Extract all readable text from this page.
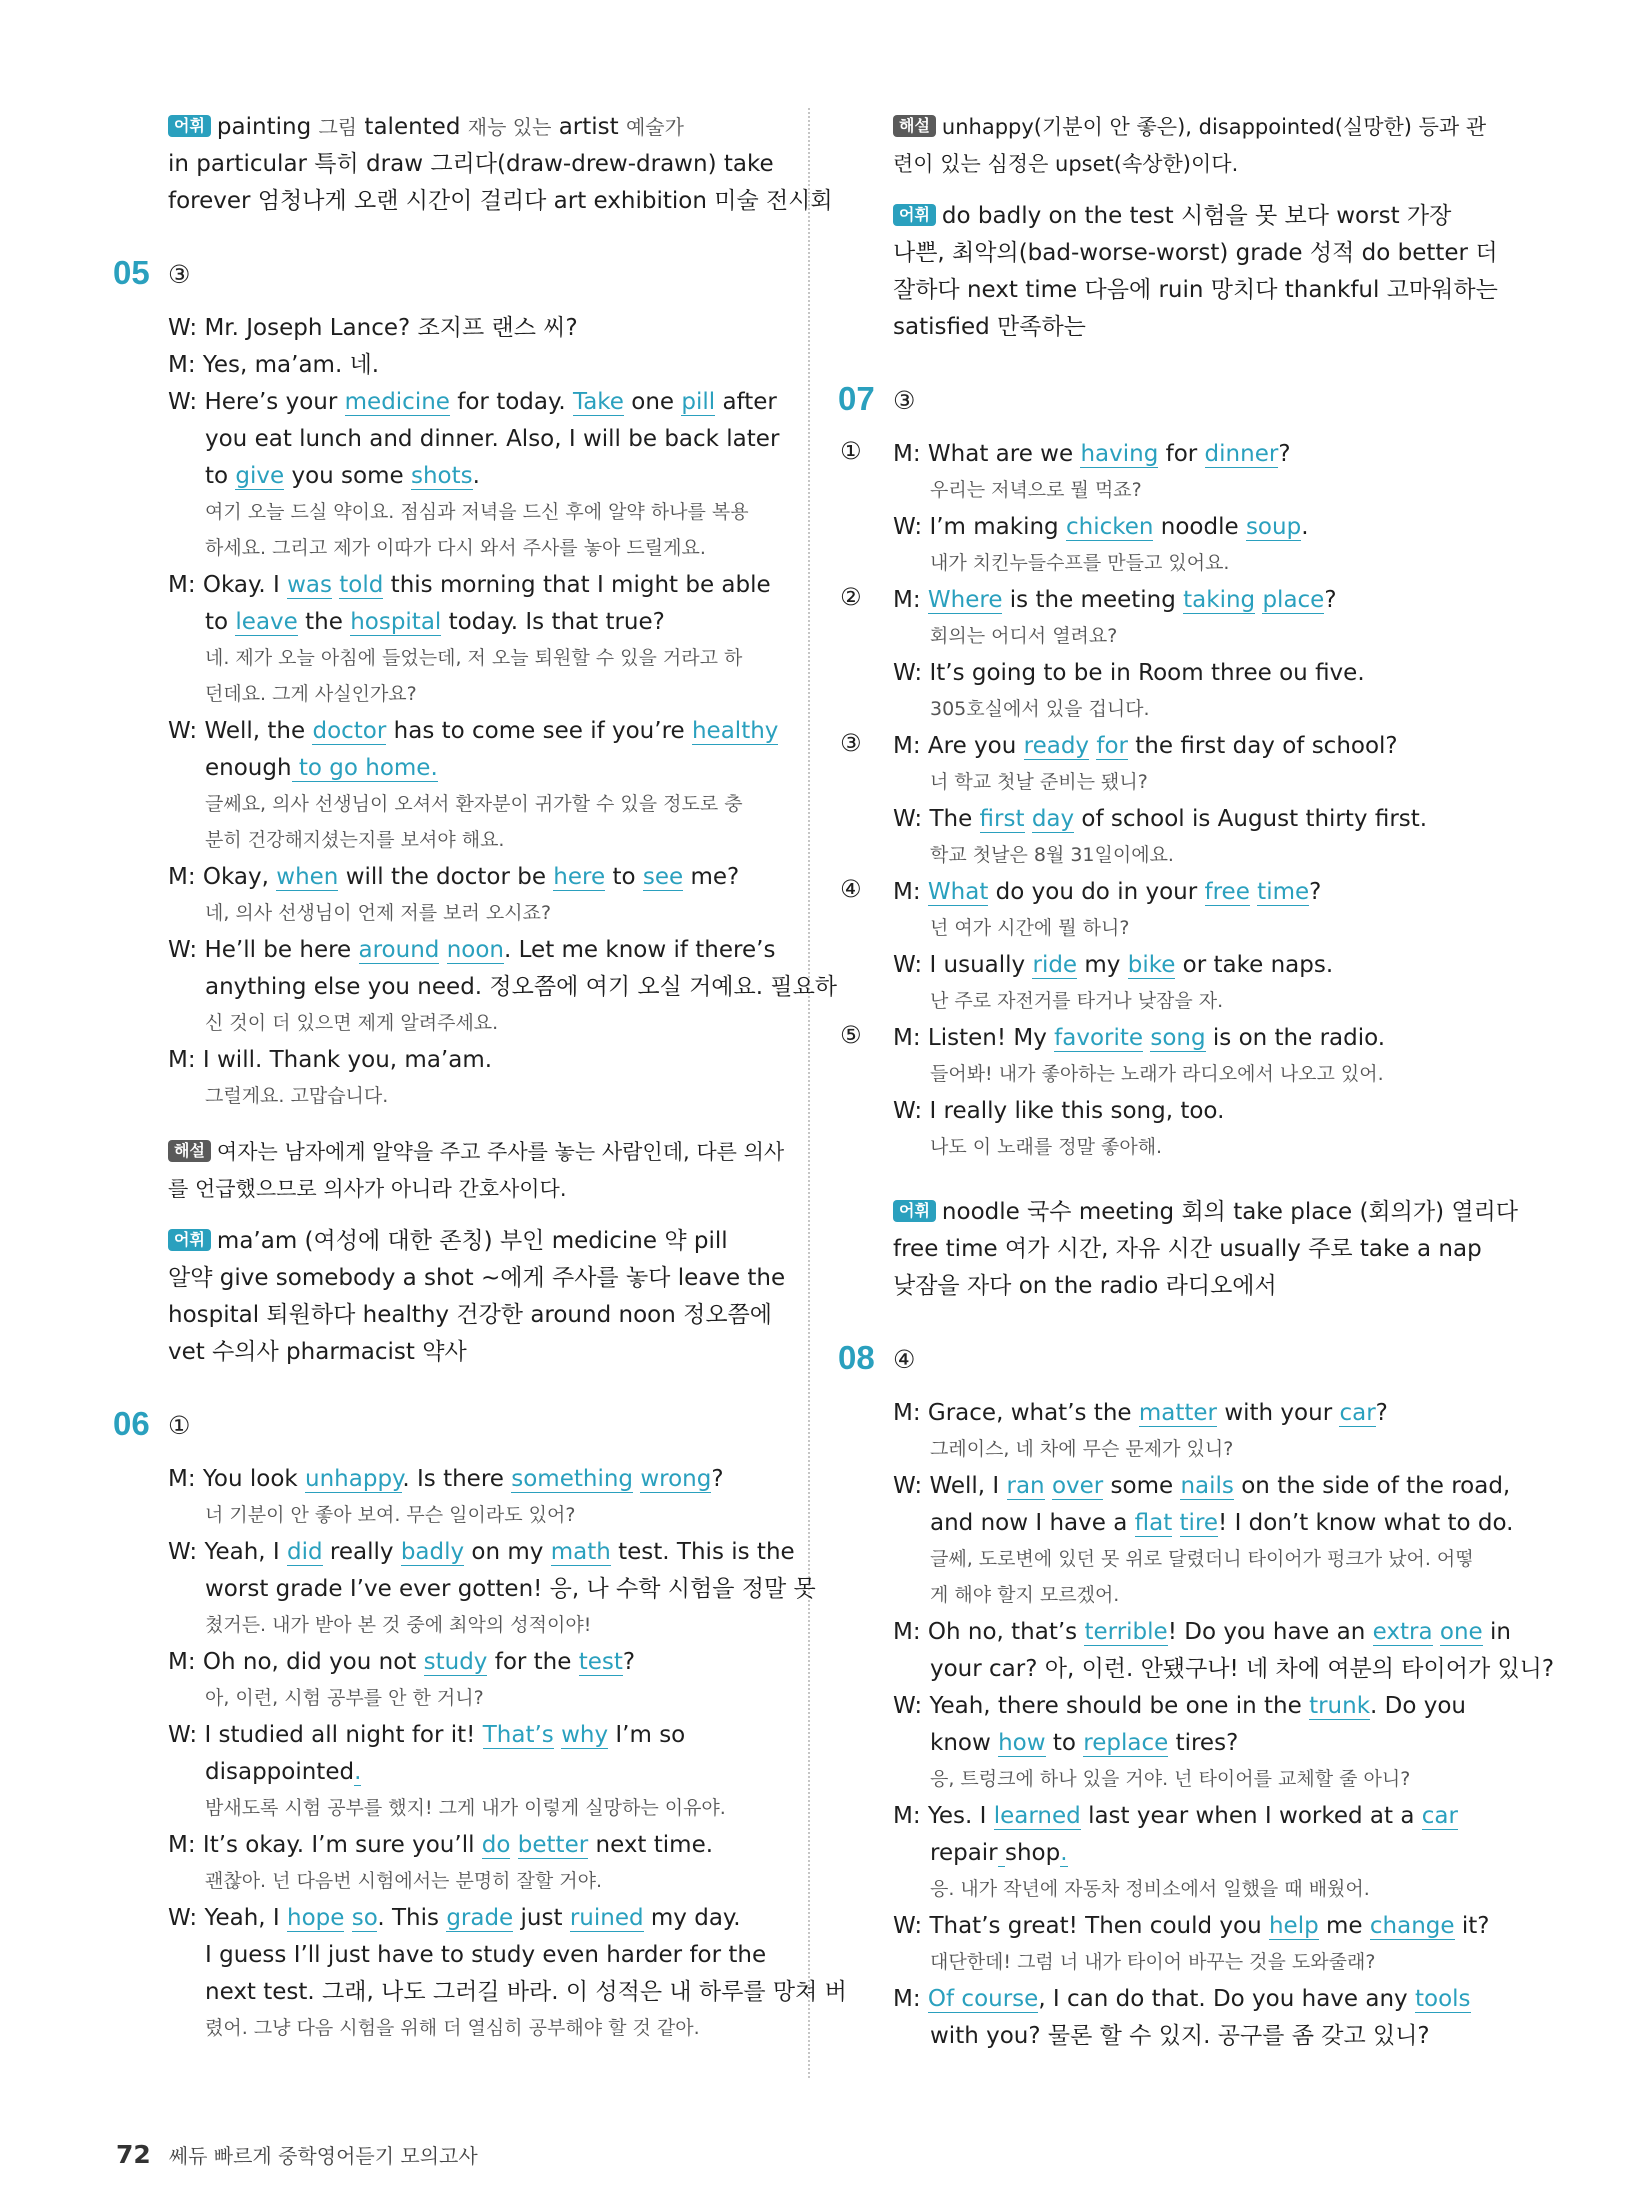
어휘 painting 그림 talented 재능 있는 artist 예술가
in particular 특히 draw 그리다(draw-drew-drawn) take
forever 엄청나게 오랜 시간이 걸리다 art exhibition 미술 전시회
05 ③
W: Mr. Joseph Lance? 조지프 랜스 씨?
M: Yes, ma’am. 네.
W: Here’s your medicine for today. Take one pill after
you eat lunch and dinner. Also, I will be back later
to give you some shots.
여기 오늘 드실 약이요. 점심과 저녁을 드신 후에 알약 하나를 복용
하세요. 그리고 제가 이따가 다시 와서 주사를 놓아 드릴게요.
M: Okay. I was told this morning that I might be able
to leave the hospital today. Is that true?
네. 제가 오늘 아침에 들었는데, 저 오늘 퇴원할 수 있을 거라고 하
던데요. 그게 사실인가요?
W: Well, the doctor has to come see if you’re healthy
enough to go home.
글쎄요, 의사 선생님이 오셔서 환자분이 귀가할 수 있을 정도로 충
분히 건강해지셨는지를 보셔야 해요.
M: Okay, when will the doctor be here to see me?
네, 의사 선생님이 언제 저를 보러 오시죠?
W: He’ll be here around noon. Let me know if there’s
anything else you need. 정오쯤에 여기 오실 거예요. 필요하
신 것이 더 있으면 제게 알려주세요.
M: I will. Thank you, ma’am.
그럴게요. 고맙습니다.
해설 여자는 남자에게 알약을 주고 주사를 놓는 사람인데, 다른 의사
를 언급했으므로 의사가 아니라 간호사이다.
어휘 ma’am (여성에 대한 존칭) 부인 medicine 약 pill
알약 give somebody a shot ~에게 주사를 놓다 leave the
hospital 퇴원하다 healthy 건강한 around noon 정오쯤에
vet 수의사 pharmacist 약사
06 ①
M: You look unhappy. Is there something wrong?
너 기분이 안 좋아 보여. 무슨 일이라도 있어?
W: Yeah, I did really badly on my math test. This is the
worst grade I’ve ever gotten! 응, 나 수학 시험을 정말 못
쳤거든. 내가 받아 본 것 중에 최악의 성적이야!
M: Oh no, did you not study for the test?
아, 이런, 시험 공부를 안 한 거니?
W: I studied all night for it! That’s why I’m so
disappointed.
밤새도록 시험 공부를 했지! 그게 내가 이렇게 실망하는 이유야.
M: It’s okay. I’m sure you’ll do better next time.
괜찮아. 넌 다음번 시험에서는 분명히 잘할 거야.
W: Yeah, I hope so. This grade just ruined my day.
I guess I’ll just have to study even harder for the
next test. 그래, 나도 그러길 바라. 이 성적은 내 하루를 망쳐 버
렸어. 그냥 다음 시험을 위해 더 열심히 공부해야 할 것 같아.
해설 unhappy(기분이 안 좋은), disappointed(실망한) 등과 관
련이 있는 심정은 upset(속상한)이다.
어휘 do badly on the test 시험을 못 보다 worst 가장
나쁜, 최악의(bad-worse-worst) grade 성적 do better 더
잘하다 next time 다음에 ruin 망치다 thankful 고마워하는
satisfied 만족하는
07 ③
① M: What are we having for dinner?
우리는 저녁으로 뭘 먹죠?
W: I’m making chicken noodle soup.
내가 치킨누들수프를 만들고 있어요.
② M: Where is the meeting taking place?
회의는 어디서 열려요?
W: It’s going to be in Room three ou five.
305호실에서 있을 겁니다.
③ M: Are you ready for the first day of school?
너 학교 첫날 준비는 됐니?
W: The first day of school is August thirty first.
학교 첫날은 8월 31일이에요.
④ M: What do you do in your free time?
넌 여가 시간에 뭘 하니?
W: I usually ride my bike or take naps.
난 주로 자전거를 타거나 낮잠을 자.
⑤ M: Listen! My favorite song is on the radio.
들어봐! 내가 좋아하는 노래가 라디오에서 나오고 있어.
W: I really like this song, too.
나도 이 노래를 정말 좋아해.
어휘 noodle 국수 meeting 회의 take place (회의가) 열리다
free time 여가 시간, 자유 시간 usually 주로 take a nap
낮잠을 자다 on the radio 라디오에서
08 ④
M: Grace, what’s the matter with your car?
그레이스, 네 차에 무슨 문제가 있니?
W: Well, I ran over some nails on the side of the road,
and now I have a flat tire! I don’t know what to do.
글쎄, 도로변에 있던 못 위로 달렸더니 타이어가 펑크가 났어. 어떻
게 해야 할지 모르겠어.
M: Oh no, that’s terrible! Do you have an extra one in
your car? 아, 이런. 안됐구나! 네 차에 여분의 타이어가 있니?
W: Yeah, there should be one in the trunk. Do you
know how to replace tires?
응, 트렁크에 하나 있을 거야. 넌 타이어를 교체할 줄 아니?
M: Yes. I learned last year when I worked at a car
repair shop.
응. 내가 작년에 자동차 정비소에서 일했을 때 배웠어.
W: That’s great! Then could you help me change it?
대단한데! 그럼 너 내가 타이어 바꾸는 것을 도와줄래?
M: Of course, I can do that. Do you have any tools
with you? 물론 할 수 있지. 공구를 좀 갖고 있니?
72 쎄듀 빠르게 중학영어듣기 모의고사
